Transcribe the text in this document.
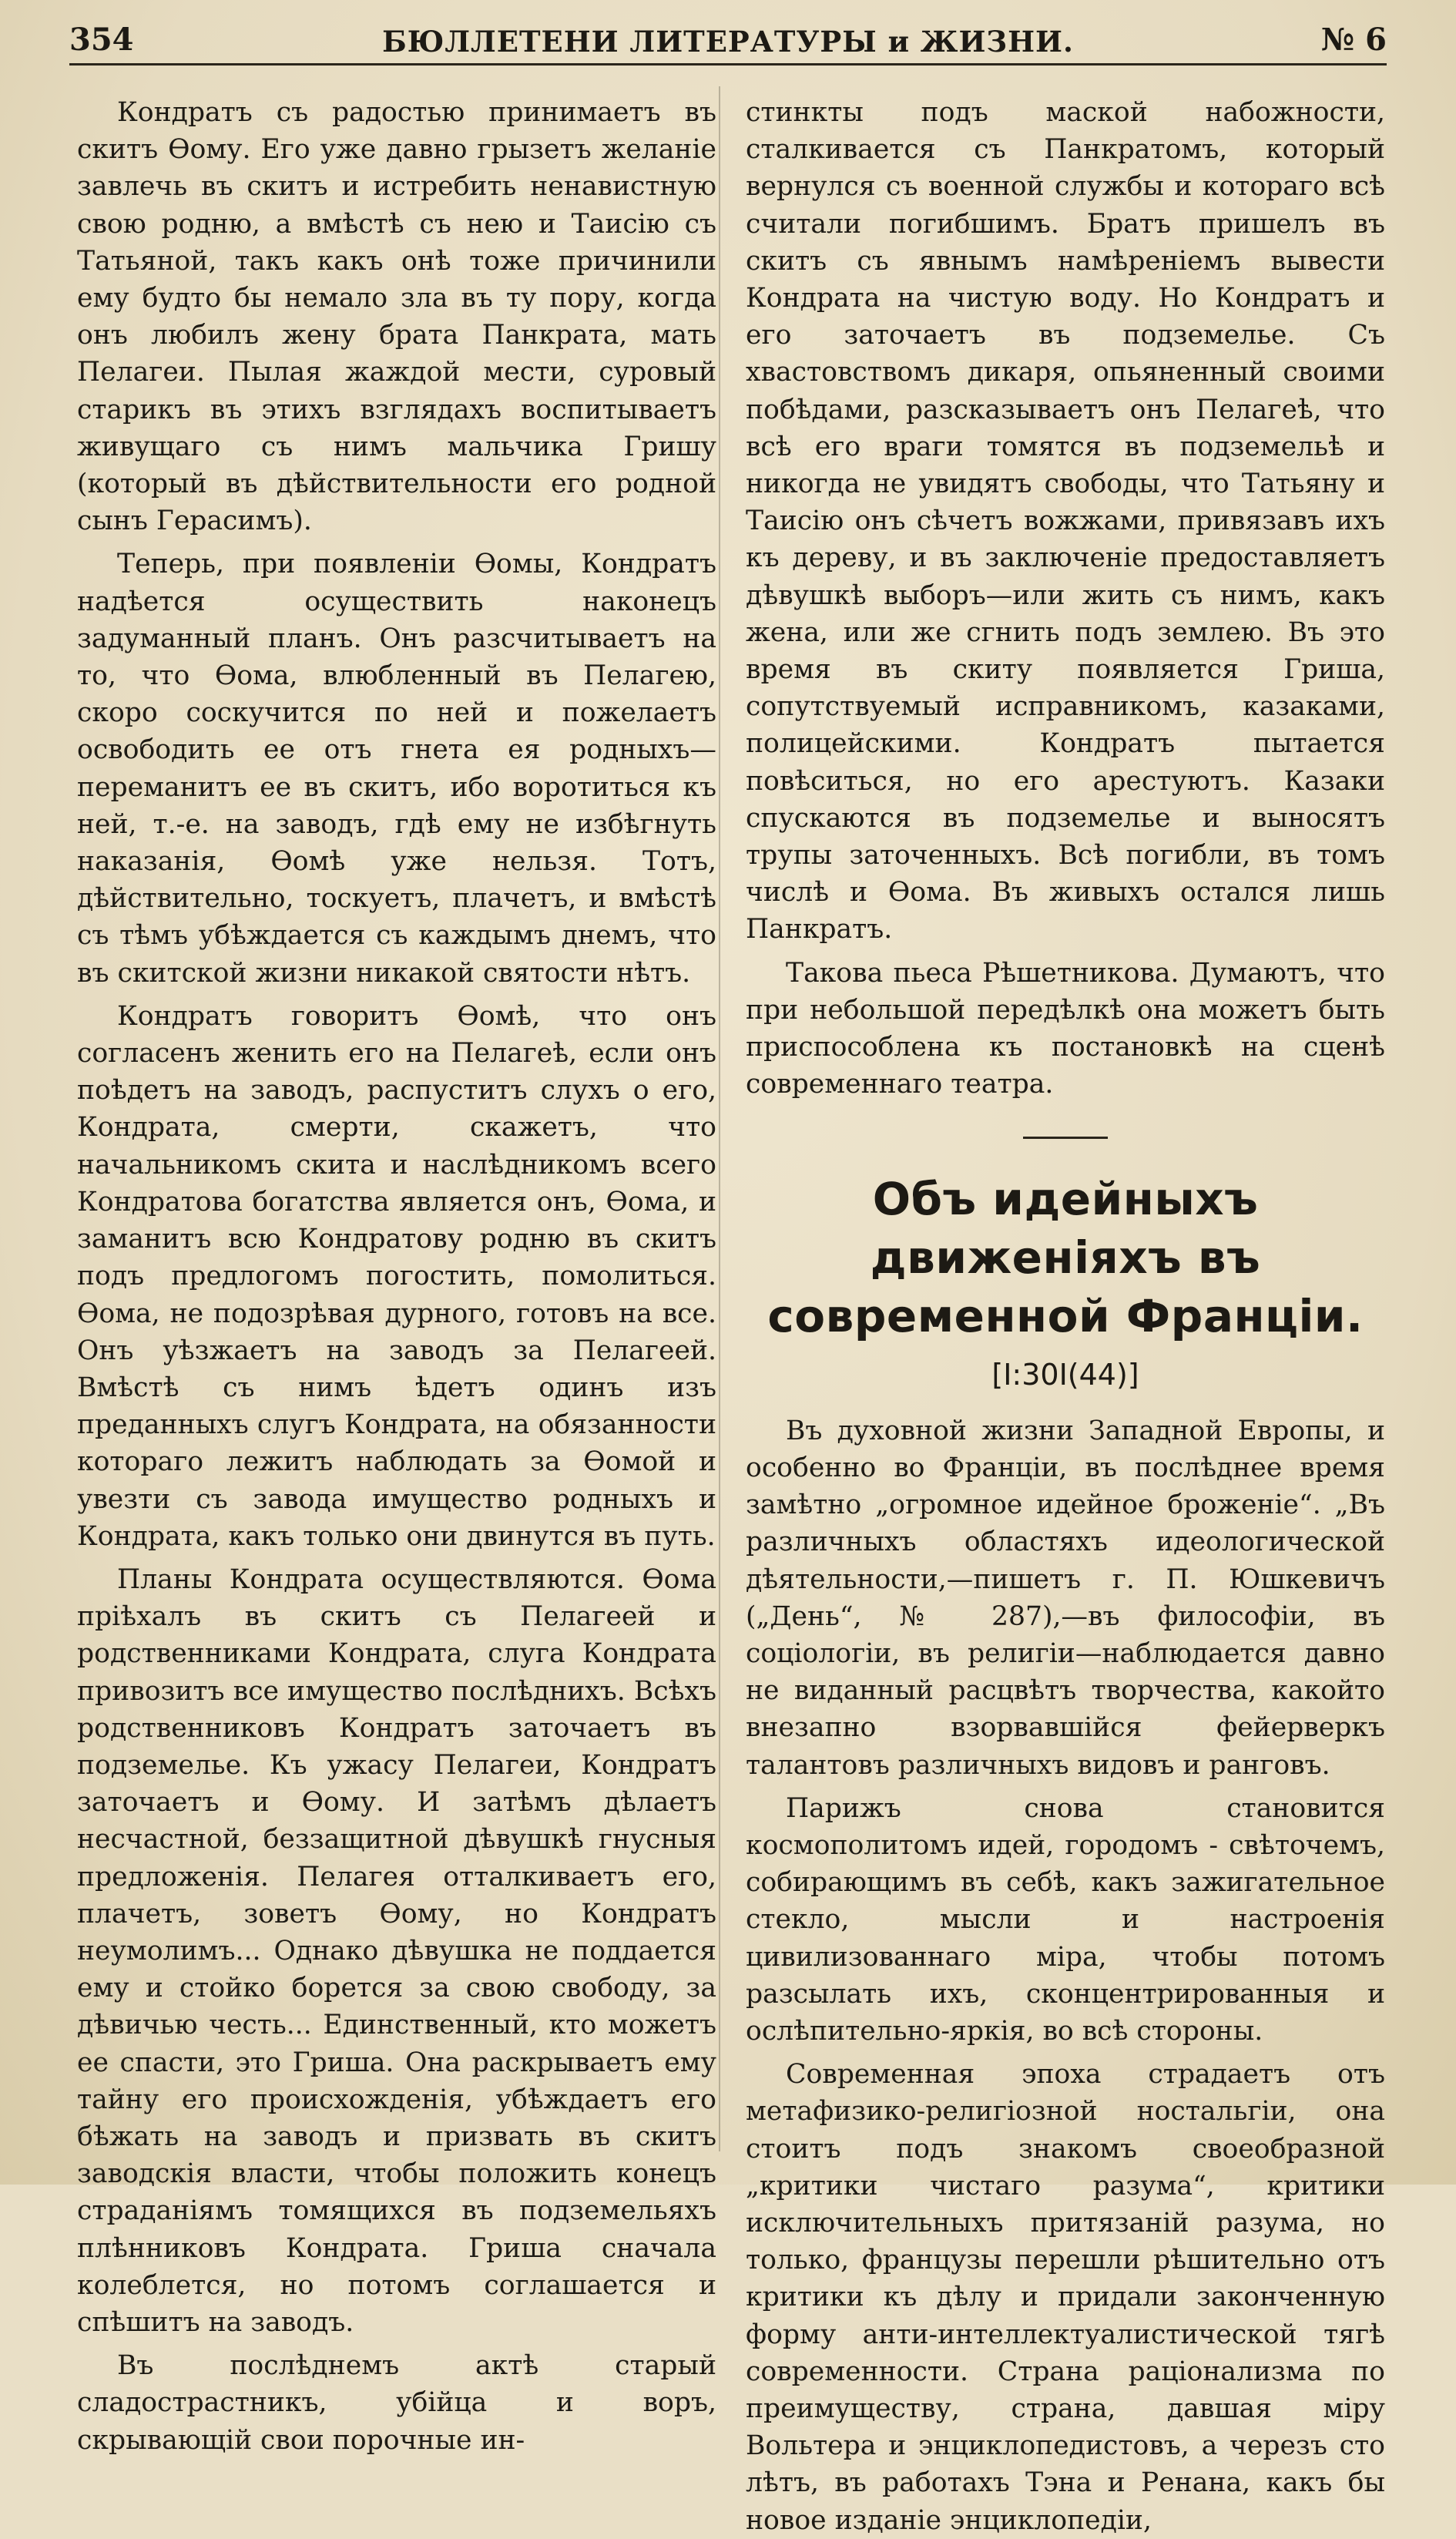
354	БЮЛЛЕТЕНИ ЛИТЕРАТУРЫ и ЖИЗНИ.	№ 6

Кондратъ съ радостью принимаетъ въ скитъ Ѳому. Его уже давно грызетъ желаніе завлечь въ скитъ и истребить ненавистную свою родню, а вмѣстѣ съ нею и Таисію съ Татьяной, такъ какъ онѣ тоже причинили ему будто бы немало зла въ ту пору, когда онъ любилъ жену брата Панкрата, мать Пелагеи. Пылая жаждой мести, суровый старикъ въ этихъ взглядахъ воспитываетъ живущаго съ нимъ мальчика Гришу (который въ дѣйствительности его родной сынъ Герасимъ).

Теперь, при появленіи Ѳомы, Кондратъ надѣется осуществить наконецъ задуманный планъ. Онъ разсчитываетъ на то, что Ѳома, влюбленный въ Пелагею, скоро соскучится по ней и пожелаетъ освободить ее отъ гнета ея родныхъ— переманитъ ее въ скитъ, ибо воротиться къ ней, т.-е. на заводъ, гдѣ ему не избѣгнуть наказанія, Ѳомѣ уже нельзя. Тотъ, дѣйствительно, тоскуетъ, плачетъ, и вмѣстѣ съ тѣмъ убѣждается съ каждымъ днемъ, что въ скитской жизни никакой святости нѣтъ.

Кондратъ говоритъ Ѳомѣ, что онъ согласенъ женить его на Пелагеѣ, если онъ поѣдетъ на заводъ, распуститъ слухъ о его, Кондрата, смерти, скажетъ, что начальникомъ скита и наслѣдникомъ всего Кондратова богатства является онъ, Ѳома, и заманитъ всю Кондратову родню въ скитъ подъ предлогомъ погостить, помолиться. Ѳома, не подозрѣвая дурного, готовъ на все. Онъ уѣзжаетъ на заводъ за Пелагеей. Вмѣстѣ съ нимъ ѣдетъ одинъ изъ преданныхъ слугъ Кондрата, на обязанности котораго лежитъ наблюдать за Ѳомой и увезти съ завода имущество родныхъ и Кондрата, какъ только они двинутся въ путь.

Планы Кондрата осуществляются. Ѳома пріѣхалъ въ скитъ съ Пелагеей и родственниками Кондрата, слуга Кондрата привозитъ все имущество послѣднихъ. Всѣхъ родственниковъ Кондратъ заточаетъ въ подземелье. Къ ужасу Пелагеи, Кондратъ заточаетъ и Ѳому. И затѣмъ дѣлаетъ несчастной, беззащитной дѣвушкѣ гнусныя предложенія. Пелагея отталкиваетъ его, плачетъ, зоветъ Ѳому, но Кондратъ неумолимъ... Однако дѣвушка не поддается ему и стойко борется за свою свободу, за дѣвичью честь... Единственный, кто можетъ ее спасти, это Гриша. Она раскрываетъ ему тайну его происхожденія, убѣждаетъ его бѣжать на заводъ и призвать въ скитъ заводскія власти, чтобы положить конецъ страданіямъ томящихся въ подземельяхъ плѣнниковъ Кондрата. Гриша сначала колеблется, но потомъ соглашается и спѣшитъ на заводъ.

Въ послѣднемъ актѣ старый сладострастникъ, убійца и воръ, скрывающій свои порочные ин-

стинкты подъ маской набожности, сталкивается съ Панкратомъ, который вернулся съ военной службы и котораго всѣ считали погибшимъ. Братъ пришелъ въ скитъ съ явнымъ намѣреніемъ вывести Кондрата на чистую воду. Но Кондратъ и его заточаетъ въ подземелье. Съ хвастовствомъ дикаря, опьяненный своими побѣдами, разсказываетъ онъ Пелагеѣ, что всѣ его враги томятся въ подземельѣ и никогда не увидятъ свободы, что Татьяну и Таисію онъ сѣчетъ вожжами, привязавъ ихъ къ дереву, и въ заключеніе предоставляетъ дѣвушкѣ выборъ—или жить съ нимъ, какъ жена, или же сгнить подъ землею. Въ это время въ скиту появляется Гриша, сопутствуемый исправникомъ, казаками, полицейскими. Кондратъ пытается повѣситься, но его арестуютъ. Казаки спускаются въ подземелье и выносятъ трупы заточенныхъ. Всѣ погибли, въ томъ числѣ и Ѳома. Въ живыхъ остался лишь Панкратъ.

Такова пьеса Рѣшетникова. Думаютъ, что при небольшой передѣлкѣ она можетъ быть приспособлена къ постановкѣ на сценѣ современнаго театра.

Объ идейныхъ движеніяхъ въ современной Франціи.
[I:30I(44)]

Въ духовной жизни Западной Европы, и особенно во Франціи, въ послѣднее время замѣтно „огромное идейное броженіе“. „Въ различныхъ областяхъ идеологической дѣятельности,—пишетъ г. П. Юшкевичъ („День“, № 287),—въ философіи, въ соціологіи, въ религіи—наблюдается давно не виданный расцвѣтъ творчества, какойто внезапно взорвавшійся фейерверкъ талантовъ различныхъ видовъ и ранговъ.

Парижъ снова становится космополитомъ идей, городомъ - свѣточемъ, собирающимъ въ себѣ, какъ зажигательное стекло, мысли и настроенія цивилизованнаго міра, чтобы потомъ разсылать ихъ, сконцентрированныя и ослѣпительно-яркія, во всѣ стороны.

Современная эпоха страдаетъ отъ метафизико-религіозной ностальгіи, она стоитъ подъ знакомъ своеобразной „критики чистаго разума“, критики исключительныхъ притязаній разума, но только, французы перешли рѣшительно отъ критики къ дѣлу и придали законченную форму анти-интеллектуалистической тягѣ современности. Страна раціонализма по преимуществу, страна, давшая міру Вольтера и энциклопедистовъ, а черезъ сто лѣтъ, въ работахъ Тэна и Ренана, какъ бы новое изданіе энциклопедіи,
